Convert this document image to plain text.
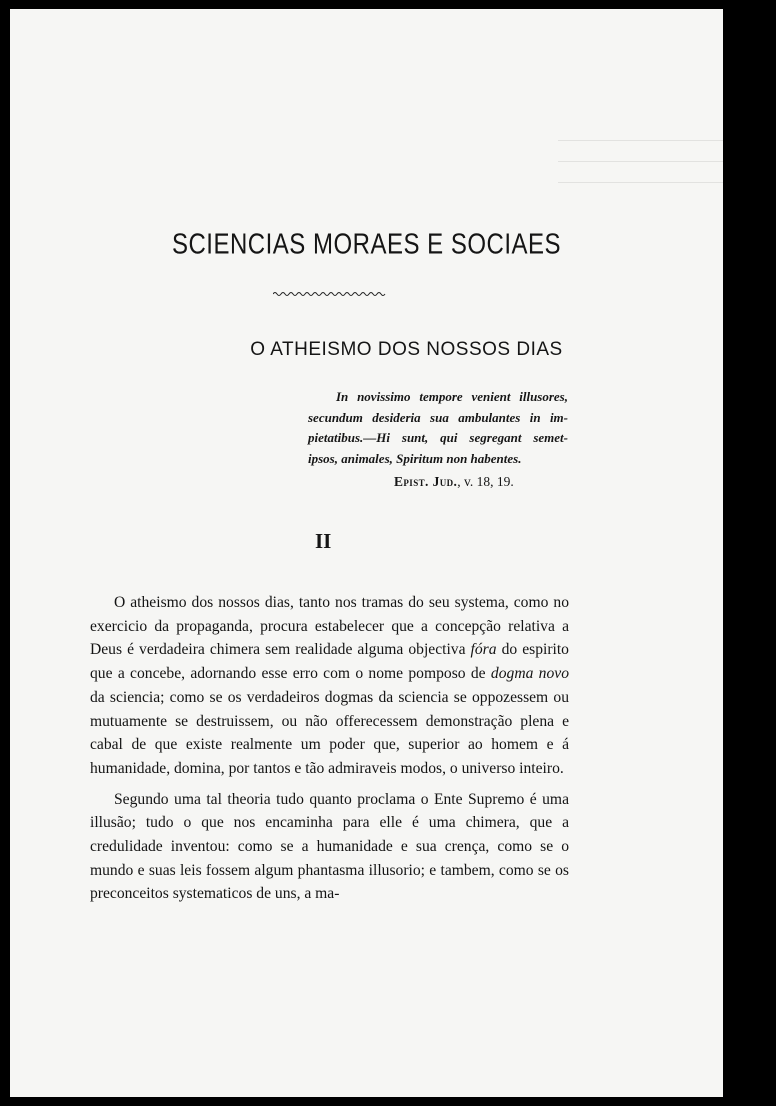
SCIENCIAS MORAES E SOCIAES
O ATHEISMO DOS NOSSOS DIAS
In novissimo tempore venient illusores,
secundum desideria sua ambulantes in im-
pietatibus.—Hi sunt, qui segregant semet-
ipsos, animales, Spiritum non habentes.
Epist. Jud., v. 18, 19.
II

O atheismo dos nossos dias, tanto nos tramas do seu systema, como no exercicio da propaganda, procura estabelecer que a concepção relativa a Deus é verdadeira chimera sem realidade alguma objectiva fóra do espirito que a concebe, adornando esse erro com o nome pomposo de dogma novo da sciencia; como se os verdadeiros dogmas da sciencia se oppozessem ou mutuamente se destruissem, ou não offerecessem demonstração plena e cabal de que existe realmente um poder que, superior ao homem e á humanidade, domina, por tantos e tão admiraveis modos, o universo inteiro.

Segundo uma tal theoria tudo quanto proclama o Ente Supremo é uma illusão; tudo o que nos encaminha para elle é uma chimera, que a credulidade inventou: como se a humanidade e sua crença, como se o mundo e suas leis fossem algum phantasma illusorio; e tambem, como se os preconceitos systematicos de uns, a ma-
